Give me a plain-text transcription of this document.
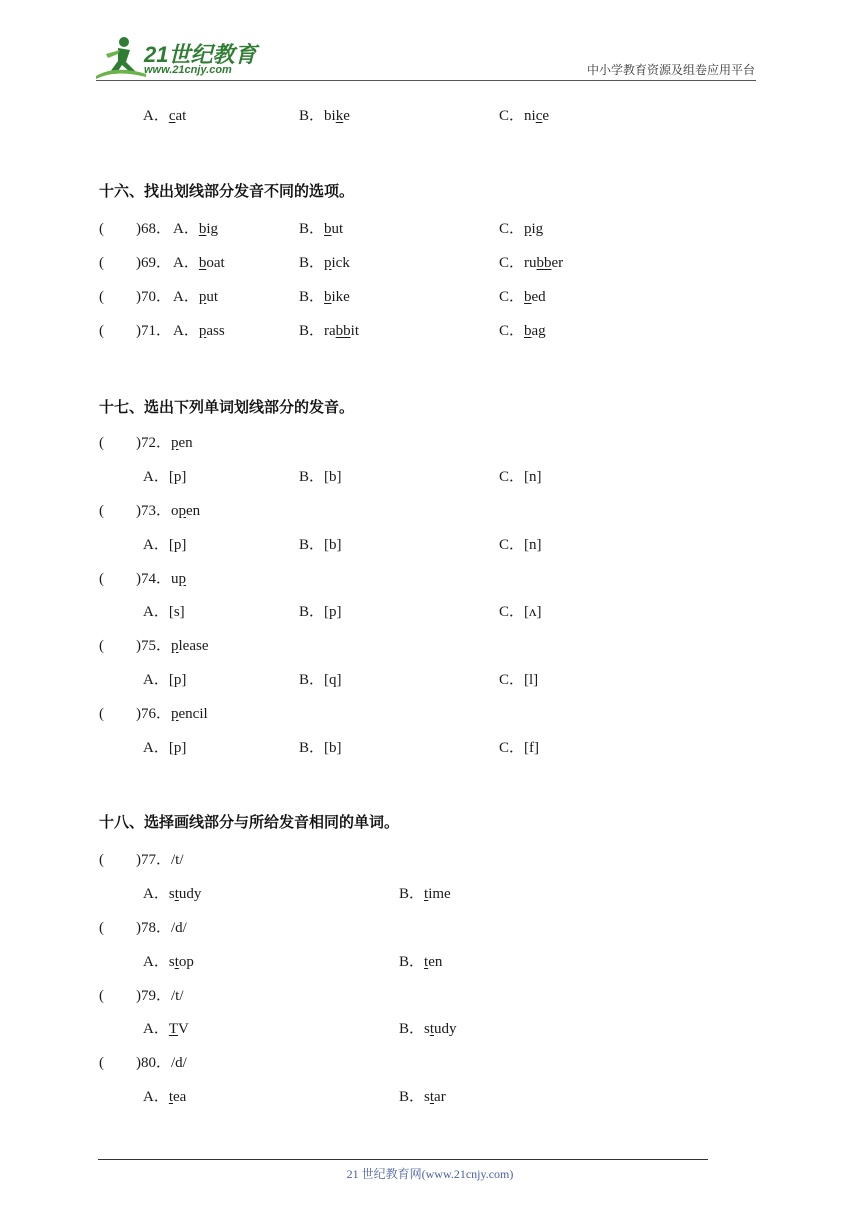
21世纪教育
www.21cnjy.com	中小学教育资源及组卷应用平台
A．cat	B．bike	C．nice
十六、找出划线部分发音不同的选项。
( )68． A．big	B．but	C．pig
( )69． A．boat	B．pick	C．rubber
( )70． A．put	B．bike	C．bed
( )71． A．pass	B．rabbit	C．bag
十七、选出下列单词划线部分的发音。
( )72．pen
A．[p]	B．[b]	C．[n]
( )73．open
A．[p]	B．[b]	C．[n]
( )74．up
A．[s]	B．[p]	C．[ʌ]
( )75．please
A．[p]	B．[q]	C．[l]
( )76．pencil
A．[p]	B．[b]	C．[f]
十八、选择画线部分与所给发音相同的单词。
( )77．/t/
A．study	B．time
( )78．/d/
A．stop	B．ten
( )79．/t/
A．TV	B．study
( )80．/d/
A．tea	B．star
21 世纪教育网(www.21cnjy.com)
